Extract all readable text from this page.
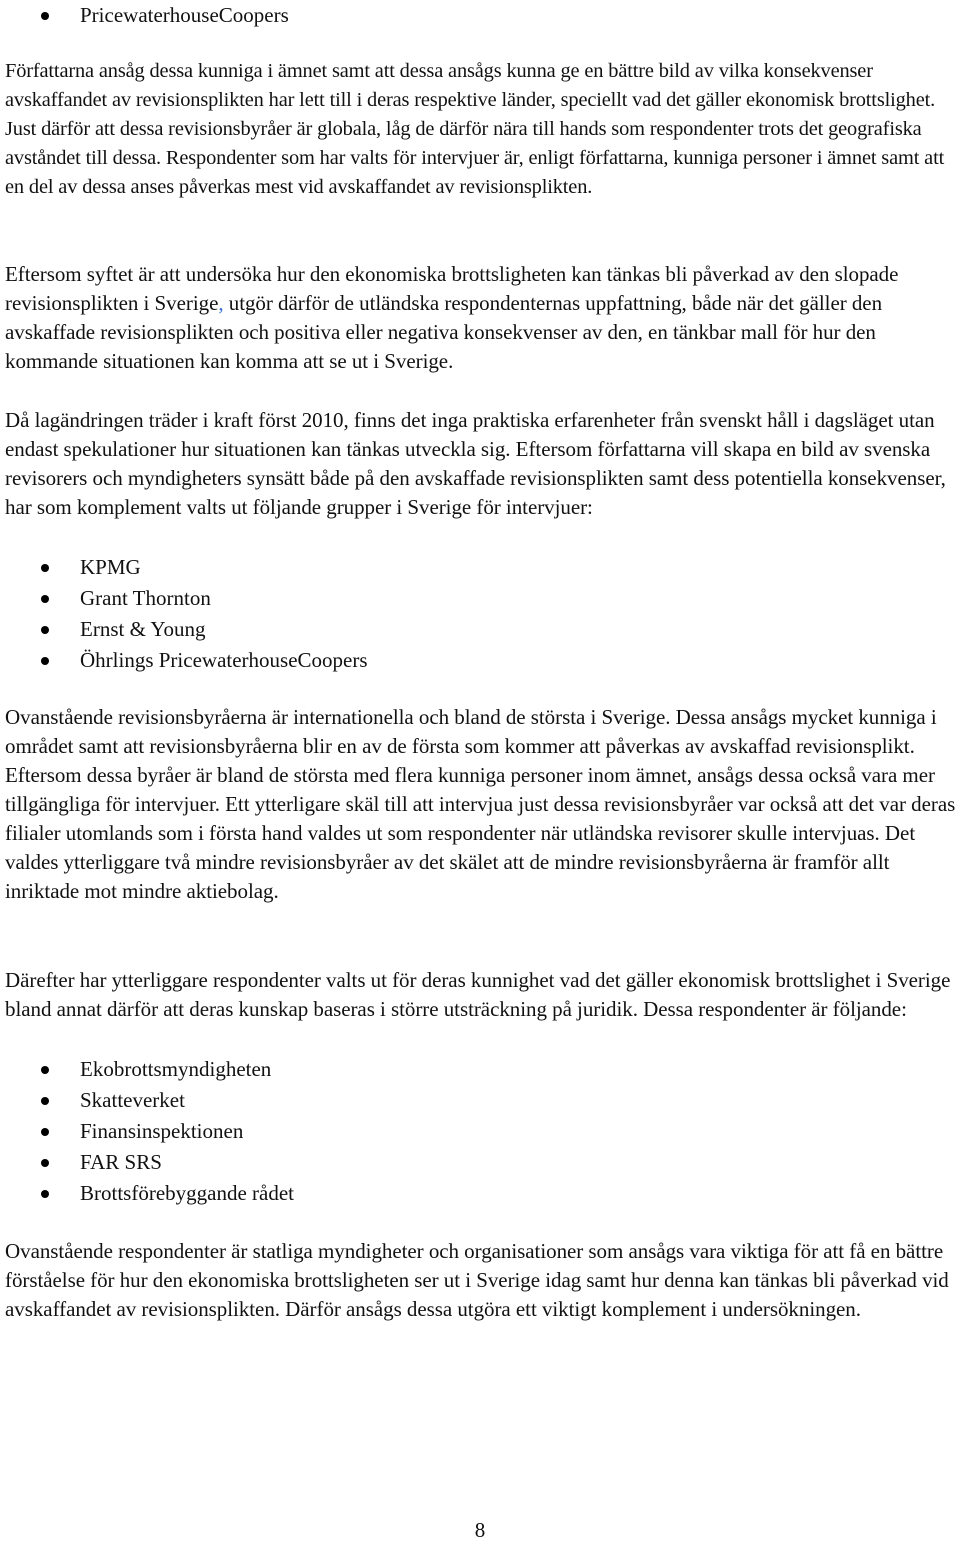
PricewaterhouseCoopers

Författarna ansåg dessa kunniga i ämnet samt att dessa ansågs kunna ge en bättre bild av vilka konsekvenser avskaffandet av revisionsplikten har lett till i deras respektive länder, speciellt vad det gäller ekonomisk brottslighet. Just därför att dessa revisionsbyråer är globala, låg de därför nära till hands som respondenter trots det geografiska avståndet till dessa. Respondenter som har valts för intervjuer är, enligt författarna, kunniga personer i ämnet samt att en del av dessa anses påverkas mest vid avskaffandet av revisionsplikten.

Eftersom syftet är att undersöka hur den ekonomiska brottsligheten kan tänkas bli påverkad av den slopade revisionsplikten i Sverige, utgör därför de utländska respondenternas uppfattning, både när det gäller den avskaffade revisionsplikten och positiva eller negativa konsekvenser av den, en tänkbar mall för hur den kommande situationen kan komma att se ut i Sverige.

Då lagändringen träder i kraft först 2010, finns det inga praktiska erfarenheter från svenskt håll i dagsläget utan endast spekulationer hur situationen kan tänkas utveckla sig. Eftersom författarna vill skapa en bild av svenska revisorers och myndigheters synsätt både på den avskaffade revisionsplikten samt dess potentiella konsekvenser, har som komplement valts ut följande grupper i Sverige för intervjuer:

KPMG
Grant Thornton
Ernst & Young
Öhrlings PricewaterhouseCoopers

Ovanstående revisionsbyråerna är internationella och bland de största i Sverige. Dessa ansågs mycket kunniga i området samt att revisionsbyråerna blir en av de första som kommer att påverkas av avskaffad revisionsplikt. Eftersom dessa byråer är bland de största med flera kunniga personer inom ämnet, ansågs dessa också vara mer tillgängliga för intervjuer. Ett ytterligare skäl till att intervjua just dessa revisionsbyråer var också att det var deras filialer utomlands som i första hand valdes ut som respondenter när utländska revisorer skulle intervjuas. Det valdes ytterliggare två mindre revisionsbyråer av det skälet att de mindre revisionsbyråerna är framför allt inriktade mot mindre aktiebolag.

Därefter har ytterliggare respondenter valts ut för deras kunnighet vad det gäller ekonomisk brottslighet i Sverige bland annat därför att deras kunskap baseras i större utsträckning på juridik. Dessa respondenter är följande:

Ekobrottsmyndigheten
Skatteverket
Finansinspektionen
FAR SRS
Brottsförebyggande rådet

Ovanstående respondenter är statliga myndigheter och organisationer som ansågs vara viktiga för att få en bättre förståelse för hur den ekonomiska brottsligheten ser ut i Sverige idag samt hur denna kan tänkas bli påverkad vid avskaffandet av revisionsplikten. Därför ansågs dessa utgöra ett viktigt komplement i undersökningen.

8
